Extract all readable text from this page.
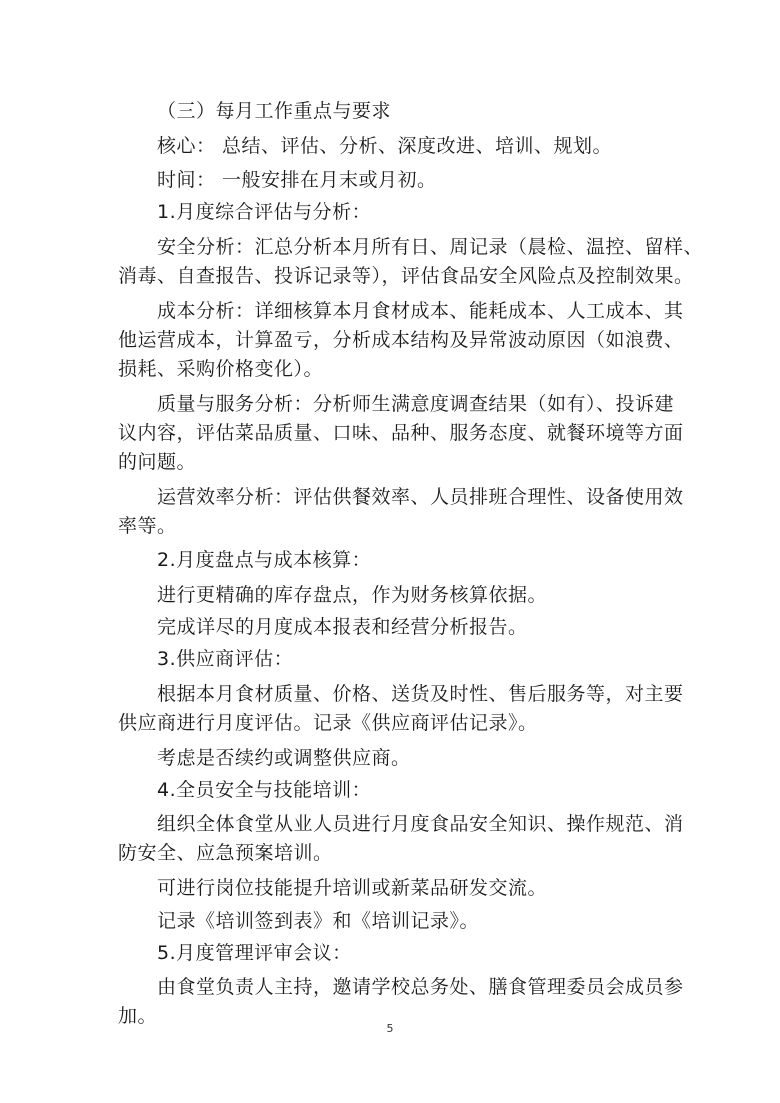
（三）每月工作重点与要求
核心： 总结、评估、分析、深度改进、培训、规划。
时间： 一般安排在月末或月初。
1.月度综合评估与分析：
安全分析：汇总分析本月所有日、周记录（晨检、温控、留样、
消毒、自查报告、投诉记录等），评估食品安全风险点及控制效果。
成本分析：详细核算本月食材成本、能耗成本、人工成本、其
他运营成本，计算盈亏，分析成本结构及异常波动原因（如浪费、
损耗、采购价格变化）。
质量与服务分析：分析师生满意度调查结果（如有）、投诉建
议内容，评估菜品质量、口味、品种、服务态度、就餐环境等方面
的问题。
运营效率分析：评估供餐效率、人员排班合理性、设备使用效
率等。
2.月度盘点与成本核算：
进行更精确的库存盘点，作为财务核算依据。
完成详尽的月度成本报表和经营分析报告。
3.供应商评估：
根据本月食材质量、价格、送货及时性、售后服务等，对主要
供应商进行月度评估。记录《供应商评估记录》。
考虑是否续约或调整供应商。
4.全员安全与技能培训：
组织全体食堂从业人员进行月度食品安全知识、操作规范、消
防安全、应急预案培训。
可进行岗位技能提升培训或新菜品研发交流。
记录《培训签到表》和《培训记录》。
5.月度管理评审会议：
由食堂负责人主持，邀请学校总务处、膳食管理委员会成员参
加。
5
